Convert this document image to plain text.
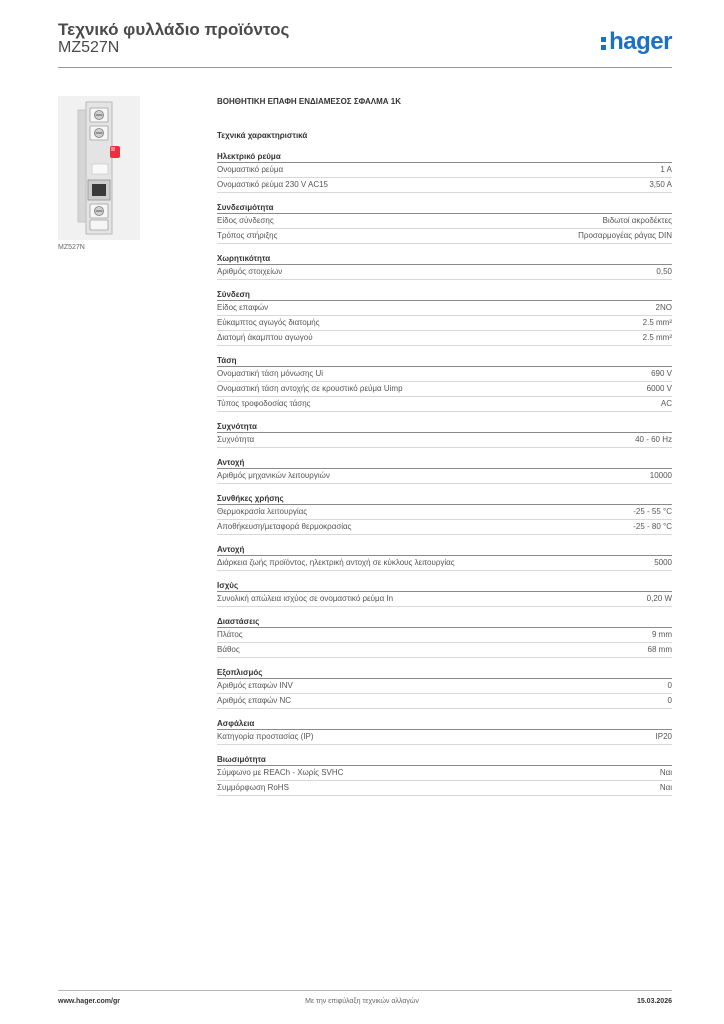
Τεχνικό φυλλάδιο προϊόντος
MZ527N	hager
MZ527N
ΒΟΗΘΗΤΙΚΗ ΕΠΑΦΗ ΕΝΔΙΑΜΕΣΟΣ ΣΦΑΛΜΑ 1Κ
Τεχνικά χαρακτηριστικά
Ηλεκτρικό ρεύμα
Ονομαστικό ρεύμα	1 A
Ονομαστικό ρεύμα 230 V AC15	3,50 A
Συνδεσιμότητα
Είδος σύνδεσης	Βιδωτοί ακροδέκτες
Τρόπος στήριξης	Προσαρμογέας ράγας DIN
Χωρητικότητα
Αριθμός στοιχείων	0,50
Σύνδεση
Είδος επαφών	2NO
Εύκαμπτος αγωγός διατομής	2.5 mm²
Διατομή άκαμπτου αγωγού	2.5 mm²
Τάση
Ονομαστική τάση μόνωσης Ui	690 V
Ονομαστική τάση αντοχής σε κρουστικό ρεύμα Uimp	6000 V
Τύπος τροφοδοσίας τάσης	AC
Συχνότητα
Συχνότητα	40 - 60 Hz
Αντοχή
Αριθμός μηχανικών λειτουργιών	10000
Συνθήκες χρήσης
Θερμοκρασία λειτουργίας	-25 - 55 °C
Αποθήκευση/μεταφορά θερμοκρασίας	-25 - 80 °C
Αντοχή
Διάρκεια ζωής προϊόντος, ηλεκτρική αντοχή σε κύκλους λειτουργίας	5000
Ισχύς
Συνολική απώλεια ισχύος σε ονομαστικό ρεύμα In	0,20 W
Διαστάσεις
Πλάτος	9 mm
Βάθος	68 mm
Εξοπλισμός
Αριθμός επαφών INV	0
Αριθμός επαφών NC	0
Ασφάλεια
Κατηγορία προστασίας (IP)	IP20
Βιωσιμότητα
Σύμφωνο με REACh - Χωρίς SVHC	Ναι
Συμμόρφωση RoHS	Ναι
Με την επιφύλαξη τεχνικών αλλαγών
www.hager.com/gr	15.03.2026
